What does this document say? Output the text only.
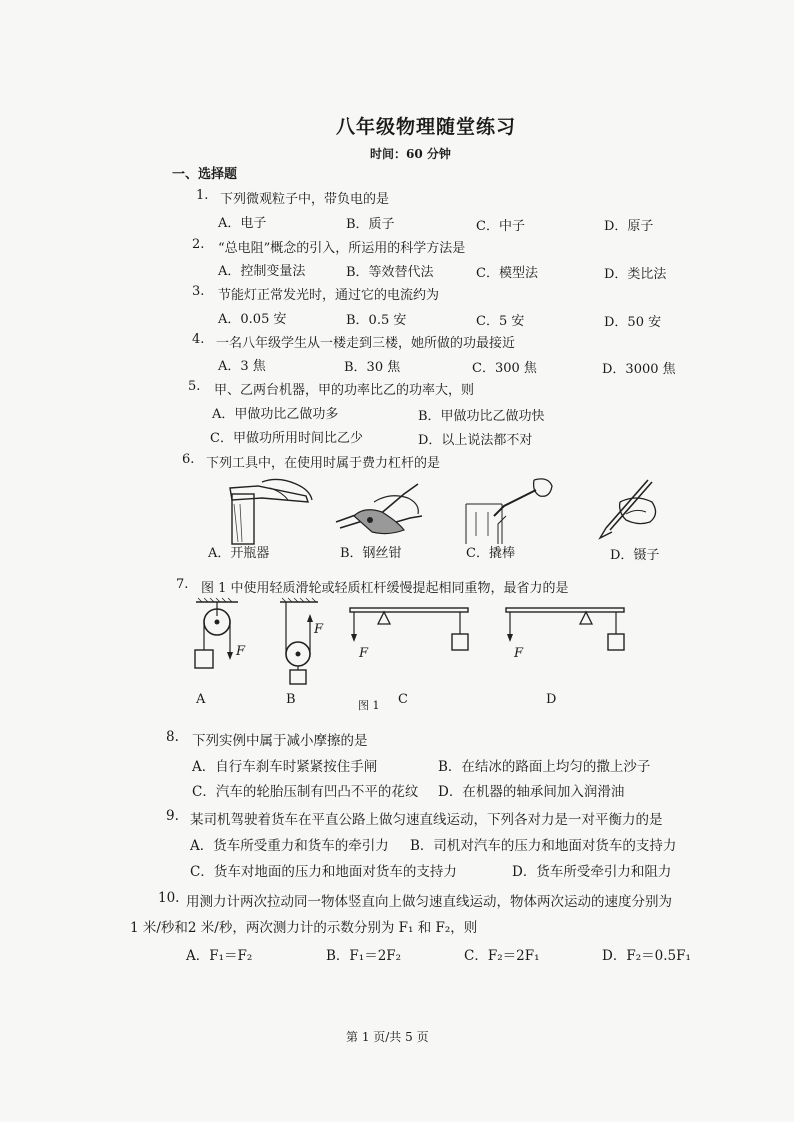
八年级物理随堂练习
时间：60 分钟
一、选择题
1. 下列微观粒子中，带负电的是
A．电子	B．质子	C．中子	D．原子
2. “总电阻”概念的引入，所运用的科学方法是
A．控制变量法	B．等效替代法	C．模型法	D．类比法
3. 节能灯正常发光时，通过它的电流约为
A．0.05 安	B．0.5 安	C．5 安	D．50 安
4. 一名八年级学生从一楼走到三楼，她所做的功最接近
A．3 焦	B．30 焦	C．300 焦	D．3000 焦
5. 甲、乙两台机器，甲的功率比乙的功率大，则
A．甲做功比乙做功多	B．甲做功比乙做功快
C．甲做功所用时间比乙少	D．以上说法都不对
6. 下列工具中，在使用时属于费力杠杆的是
A．开瓶器	B．钢丝钳	C．撬棒	D．镊子
7. 图 1 中使用轻质滑轮或轻质杠杆缓慢提起相同重物，最省力的是
F
F
F	F
A	B	图 1 C	D
8. 下列实例中属于减小摩擦的是
A．自行车刹车时紧紧按住手闸	B．在结冰的路面上均匀的撒上沙子
C．汽车的轮胎压制有凹凸不平的花纹 D．在机器的轴承间加入润滑油
9. 某司机驾驶着货车在平直公路上做匀速直线运动，下列各对力是一对平衡力的是
A．货车所受重力和货车的牵引力 B．司机对汽车的压力和地面对货车的支持力
C．货车对地面的压力和地面对货车的支持力	D．货车所受牵引力和阻力
10. 用测力计两次拉动同一物体竖直向上做匀速直线运动，物体两次运动的速度分别为
1 米/秒和2 米/秒，两次测力计的示数分别为 F₁ 和 F₂，则
A．F₁＝F₂	B．F₁＝2F₂	C．F₂＝2F₁	D．F₂＝0.5F₁
第 1 页/共 5 页
